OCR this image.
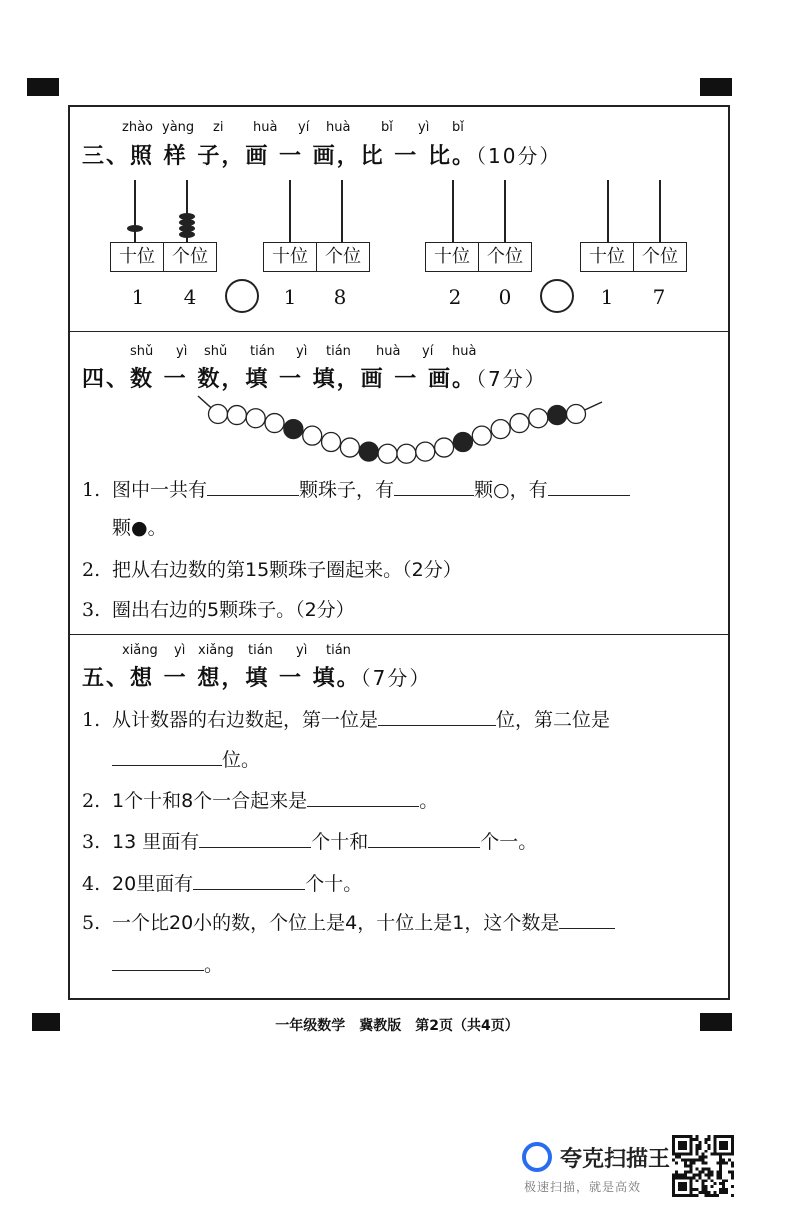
zhào yàng zi huà yí huà bǐ yì bǐ
三、照 样 子，画 一 画，比 一 比。（10分）
十位 个位
1 4
十位 个位
1 8
十位 个位
2 0
十位 个位
1 7
shǔ yì shǔ tián yì tián huà yí huà
四、数 一 数，填 一 填，画 一 画。（7分）
1. 图中一共有	颗珠子，有	颗○，有
颗●。
2. 把从右边数的第15颗珠子圈起来。（2分）
3. 圈出右边的5颗珠子。（2分）
xiǎng yì xiǎng tián yì tián
五、想 一 想，填 一 填。（7分）
1. 从计数器的右边数起，第一位是	位，第二位是
位。
2. 1个十和8个一合起来是	。
3. 13 里面有	个十和	个一。
4. 20里面有	个十。
5. 一个比20小的数，个位上是4，十位上是1，这个数是
。
一年级数学　冀教版　第2页（共4页）
夸克扫描王
极速扫描，就是高效
